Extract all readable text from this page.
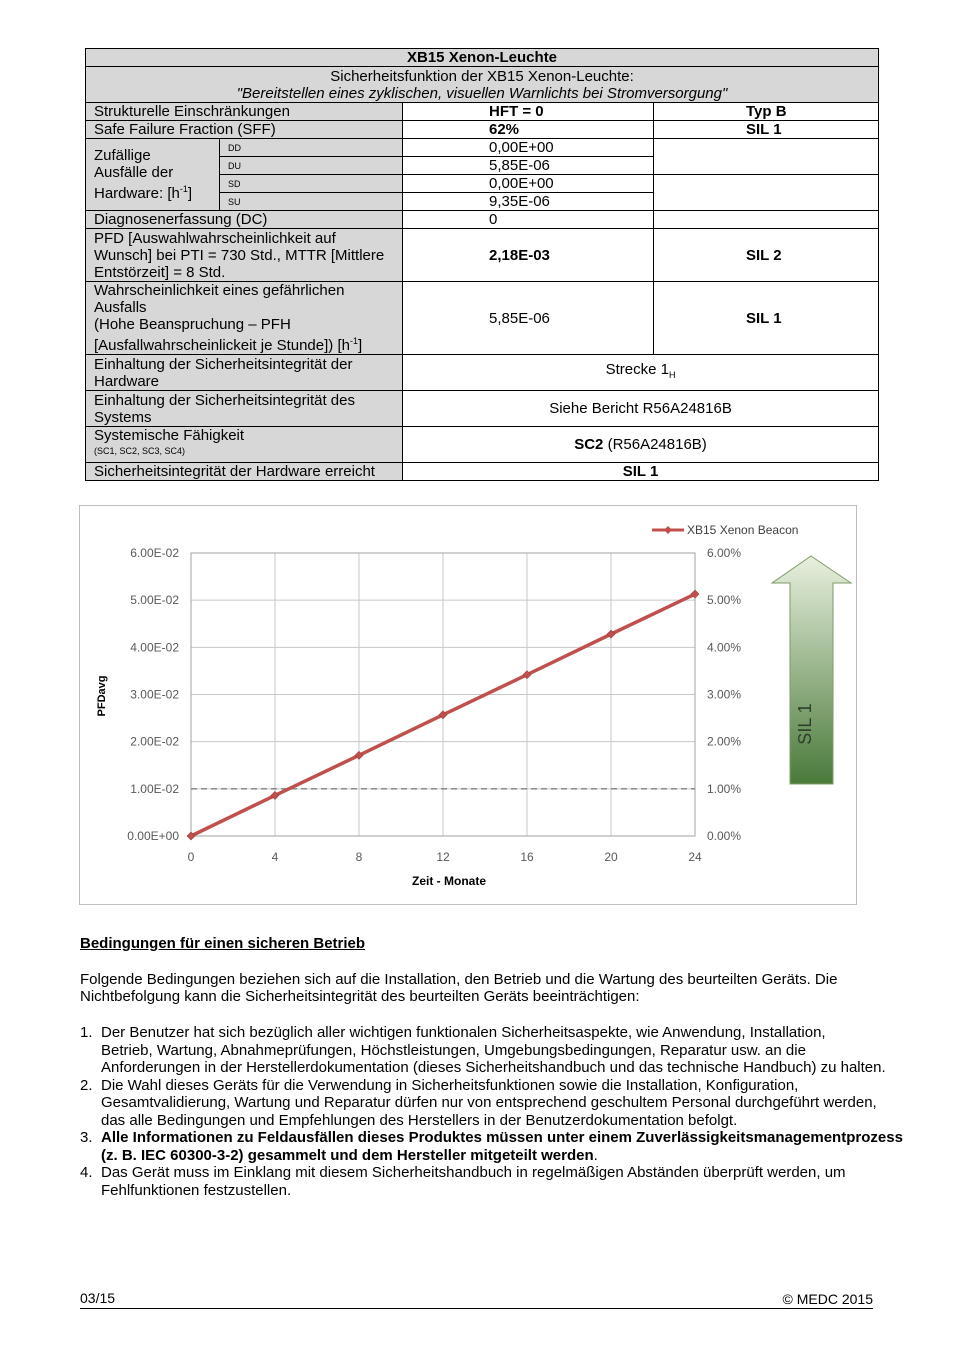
XB15 Xenon-Leuchte			

Sicherheitsfunktion der XB15 Xenon-Leuchte:
"Bereitstellen eines zyklischen, visuellen Warnlichts bei Stromversorgung"			

Strukturelle Einschränkungen		HFT = 0	Typ B
Safe Failure Fraction (SFF)		62%	SIL 1

Zufällige
Ausfälle der
Hardware: $[h^{-1}]$	DD	0,00E+00	
	DU	5,85E-06	
	SD	0,00E+00	
	SU	9,35E-06	
Diagnosenerfassung (DC)		0	

PFD [Auswahlwahrscheinlichkeit auf
Wunsch] bei PTI = 730 Std., MTTR [Mittlere
Entstörzeit] = 8 Std.		2,18E-03	SIL 2

Wahrscheinlichkeit eines gefährlichen
Ausfalls
(Hohe Beanspruchung – PFH
[Ausfallwahrscheinlickeit je Stunde]) $[h^{-1}]$		5,85E-06	SIL 1

Einhaltung der Sicherheitsintegrität der
Hardware		Strecke $1_H$

Einhaltung der Sicherheitsintegrität des
Systems		Siehe Bericht R56A24816B	

Systemische Fähigkeit
(SC1, SC2, SC3, SC4)		SC2 (R56A24816B)	
Sicherheitsintegrität der Hardware erreicht		SIL 1	
0.00E+00	0.00%
1.00E-02	1.00%
2.00E-02	2.00%
3.00E-02	3.00%
4.00E-02	4.00%
5.00E-02	5.00%
6.00E-02	6.00%
0	4	8	12	16	20	24
XB15 Xenon Beacon
SIL 1
PFDavg
Zeit - Monate
Bedingungen für einen sicheren Betrieb
Folgende Bedingungen beziehen sich auf die Installation, den Betrieb und die Wartung des beurteilten Geräts. Die
Nichtbefolgung kann die Sicherheitsintegrität des beurteilten Geräts beeinträchtigen:
1. Der Benutzer hat sich bezüglich aller wichtigen funktionalen Sicherheitsaspekte, wie Anwendung, Installation,
Betrieb, Wartung, Abnahmeprüfungen, Höchstleistungen, Umgebungsbedingungen, Reparatur usw. an die
Anforderungen in der Herstellerdokumentation (dieses Sicherheitshandbuch und das technische Handbuch) zu halten.
2. Die Wahl dieses Geräts für die Verwendung in Sicherheitsfunktionen sowie die Installation, Konfiguration,
Gesamtvalidierung, Wartung und Reparatur dürfen nur von entsprechend geschultem Personal durchgeführt werden,
das alle Bedingungen und Empfehlungen des Herstellers in der Benutzerdokumentation befolgt.
3. Alle Informationen zu Feldausfällen dieses Produktes müssen unter einem Zuverlässigkeitsmanagementprozess
(z. B. IEC 60300-3-2) gesammelt und dem Hersteller mitgeteilt werden.
4. Das Gerät muss im Einklang mit diesem Sicherheitshandbuch in regelmäßigen Abständen überprüft werden, um
Fehlfunktionen festzustellen.
03/15	© MEDC 2015
